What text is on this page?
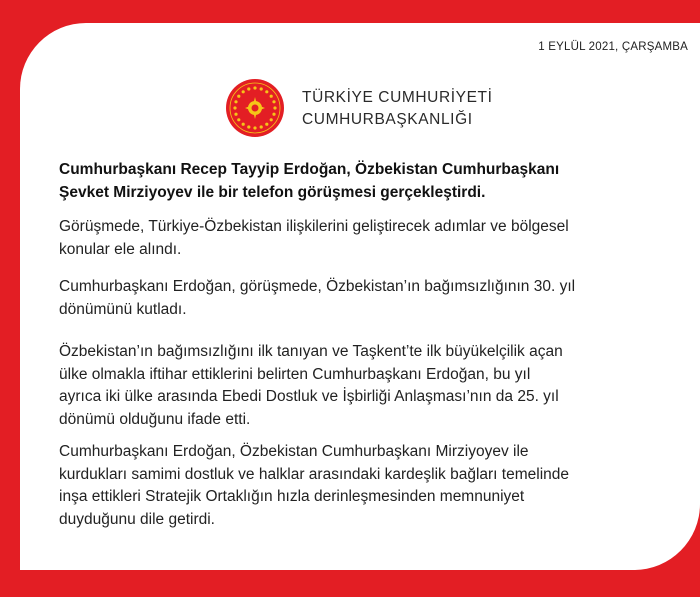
1 EYLÜL 2021, ÇARŞAMBA
TÜRKİYE CUMHURİYETİ
CUMHURBAŞKANLIĞI
Cumhurbaşkanı Recep Tayyip Erdoğan, Özbekistan Cumhurbaşkanı
Şevket Mirziyoyev ile bir telefon görüşmesi gerçekleştirdi.
Görüşmede, Türkiye-Özbekistan ilişkilerini geliştirecek adımlar ve bölgesel
konular ele alındı.
Cumhurbaşkanı Erdoğan, görüşmede, Özbekistan’ın bağımsızlığının 30. yıl
dönümünü kutladı.
Özbekistan’ın bağımsızlığını ilk tanıyan ve Taşkent’te ilk büyükelçilik açan
ülke olmakla iftihar ettiklerini belirten Cumhurbaşkanı Erdoğan, bu yıl
ayrıca iki ülke arasında Ebedi Dostluk ve İşbirliği Anlaşması’nın da 25. yıl
dönümü olduğunu ifade etti.
Cumhurbaşkanı Erdoğan, Özbekistan Cumhurbaşkanı Mirziyoyev ile
kurdukları samimi dostluk ve halklar arasındaki kardeşlik bağları temelinde
inşa ettikleri Stratejik Ortaklığın hızla derinleşmesinden memnuniyet
duyduğunu dile getirdi.
